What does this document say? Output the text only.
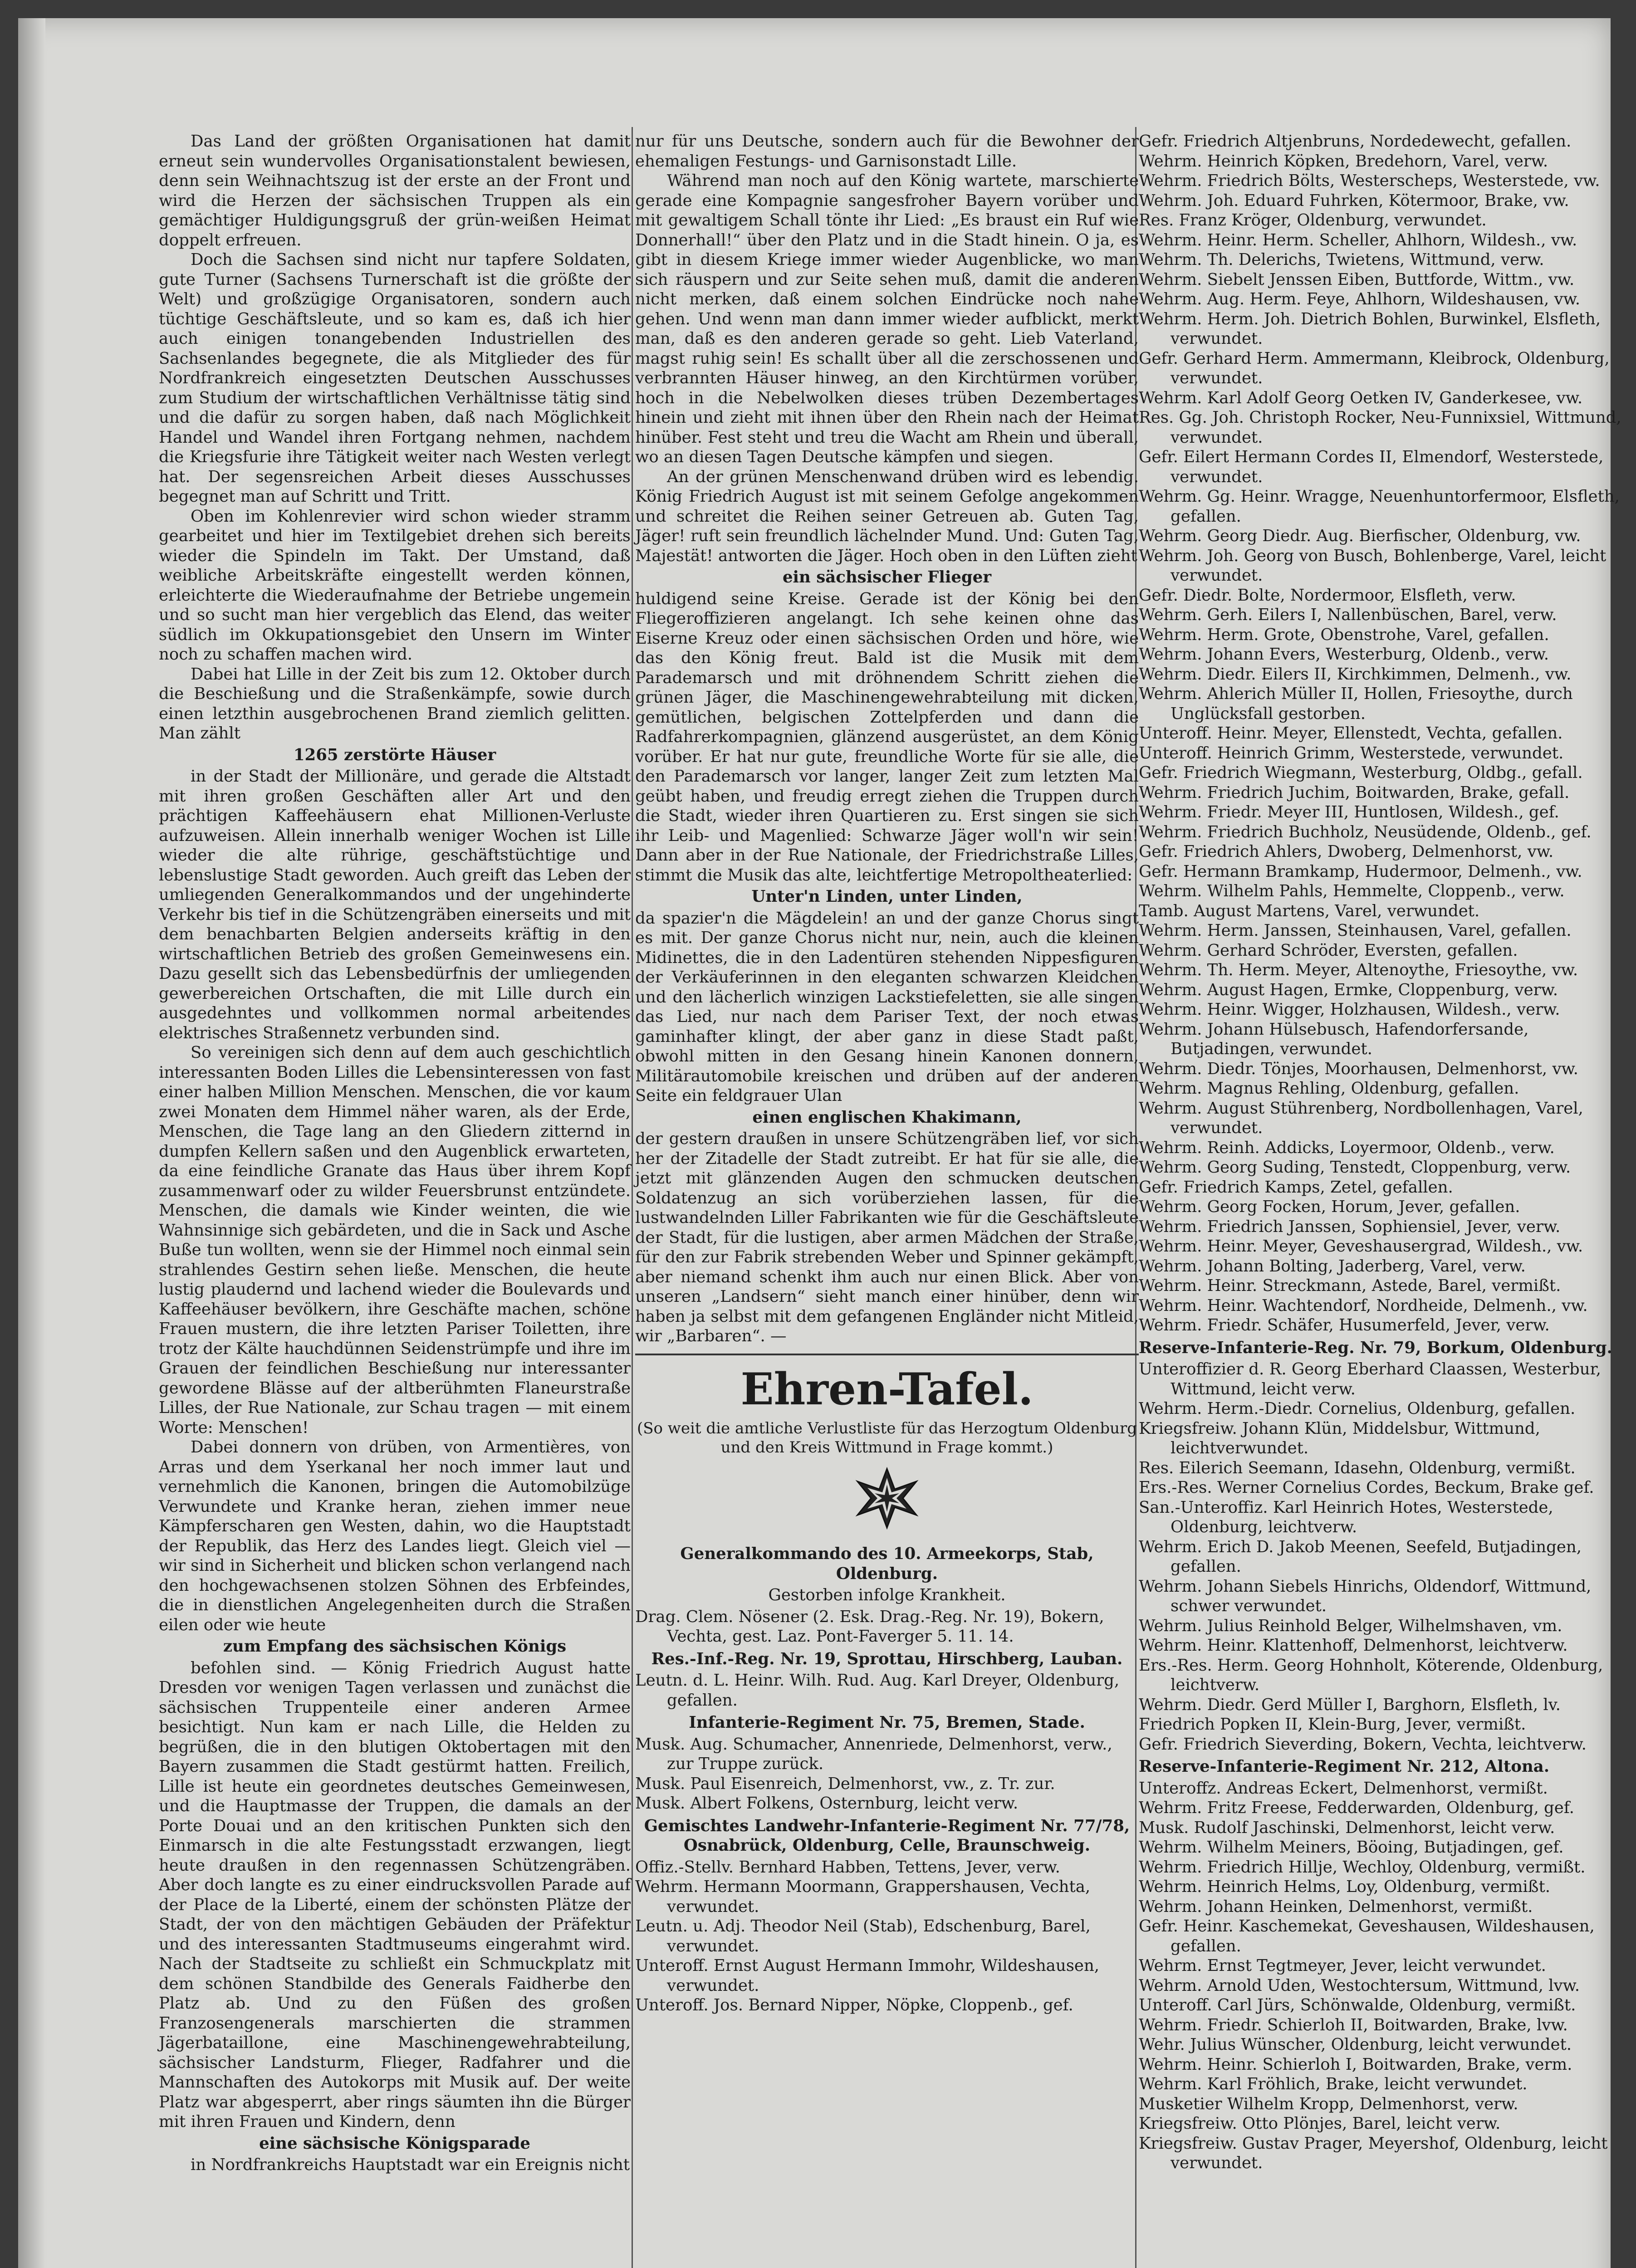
Das Land der größten Organisationen hat damit erneut sein wundervolles Organisationstalent bewiesen, denn sein Weihnachtszug ist der erste an der Front und wird die Herzen der sächsischen Truppen als ein gemächtiger Huldigungsgruß der grün-weißen Heimat doppelt erfreuen.
Doch die Sachsen sind nicht nur tapfere Soldaten, gute Turner (Sachsens Turnerschaft ist die größte der Welt) und großzügige Organisatoren, sondern auch tüchtige Geschäftsleute, und so kam es, daß ich hier auch einigen tonangebenden Industriellen des Sachsenlandes begegnete, die als Mitglieder des für Nordfrankreich eingesetzten Deutschen Ausschusses zum Studium der wirtschaftlichen Verhältnisse tätig sind und die dafür zu sorgen haben, daß nach Möglichkeit Handel und Wandel ihren Fortgang nehmen, nachdem die Kriegsfurie ihre Tätigkeit weiter nach Westen verlegt hat. Der segensreichen Arbeit dieses Ausschusses begegnet man auf Schritt und Tritt.
Oben im Kohlenrevier wird schon wieder stramm gearbeitet und hier im Textilgebiet drehen sich bereits wieder die Spindeln im Takt. Der Umstand, daß weibliche Arbeitskräfte eingestellt werden können, erleichterte die Wiederaufnahme der Betriebe ungemein und so sucht man hier vergeblich das Elend, das weiter südlich im Okkupationsgebiet den Unsern im Winter noch zu schaffen machen wird.
Dabei hat Lille in der Zeit bis zum 12. Oktober durch die Beschießung und die Straßenkämpfe, sowie durch einen letzthin ausgebrochenen Brand ziemlich gelitten. Man zählt
1265 zerstörte Häuser
in der Stadt der Millionäre, und gerade die Altstadt mit ihren großen Geschäften aller Art und den prächtigen Kaffeehäusern ehat Millionen-Verluste aufzuweisen. Allein innerhalb weniger Wochen ist Lille wieder die alte rührige, geschäftstüchtige und lebenslustige Stadt geworden. Auch greift das Leben der umliegenden Generalkommandos und der ungehinderte Verkehr bis tief in die Schützengräben einerseits und mit dem benachbarten Belgien anderseits kräftig in den wirtschaftlichen Betrieb des großen Gemeinwesens ein. Dazu gesellt sich das Lebensbedürfnis der umliegenden gewerbereichen Ortschaften, die mit Lille durch ein ausgedehntes und vollkommen normal arbeitendes elektrisches Straßennetz verbunden sind.
So vereinigen sich denn auf dem auch geschichtlich interessanten Boden Lilles die Lebensinteressen von fast einer halben Million Menschen. Menschen, die vor kaum zwei Monaten dem Himmel näher waren, als der Erde, Menschen, die Tage lang an den Gliedern zitternd in dumpfen Kellern saßen und den Augenblick erwarteten, da eine feindliche Granate das Haus über ihrem Kopf zusammenwarf oder zu wilder Feuersbrunst entzündete. Menschen, die damals wie Kinder weinten, die wie Wahnsinnige sich gebärdeten, und die in Sack und Asche Buße tun wollten, wenn sie der Himmel noch einmal sein strahlendes Gestirn sehen ließe. Menschen, die heute lustig plaudernd und lachend wieder die Boulevards und Kaffeehäuser bevölkern, ihre Geschäfte machen, schöne Frauen mustern, die ihre letzten Pariser Toiletten, ihre trotz der Kälte hauchdünnen Seidenstrümpfe und ihre im Grauen der feindlichen Beschießung nur interessanter gewordene Blässe auf der altberühmten Flaneurstraße Lilles, der Rue Nationale, zur Schau tragen — mit einem Worte: Menschen!
Dabei donnern von drüben, von Armentières, von Arras und dem Yserkanal her noch immer laut und vernehmlich die Kanonen, bringen die Automobilzüge Verwundete und Kranke heran, ziehen immer neue Kämpferscharen gen Westen, dahin, wo die Hauptstadt der Republik, das Herz des Landes liegt. Gleich viel — wir sind in Sicherheit und blicken schon verlangend nach den hochgewachsenen stolzen Söhnen des Erbfeindes, die in dienstlichen Angelegenheiten durch die Straßen eilen oder wie heute
zum Empfang des sächsischen Königs
befohlen sind. — König Friedrich August hatte Dresden vor wenigen Tagen verlassen und zunächst die sächsischen Truppenteile einer anderen Armee besichtigt. Nun kam er nach Lille, die Helden zu begrüßen, die in den blutigen Oktobertagen mit den Bayern zusammen die Stadt gestürmt hatten. Freilich, Lille ist heute ein geordnetes deutsches Gemeinwesen, und die Hauptmasse der Truppen, die damals an der Porte Douai und an den kritischen Punkten sich den Einmarsch in die alte Festungsstadt erzwangen, liegt heute draußen in den regennassen Schützengräben. Aber doch langte es zu einer eindrucksvollen Parade auf der Place de la Liberté, einem der schönsten Plätze der Stadt, der von den mächtigen Gebäuden der Präfektur und des interessanten Stadtmuseums eingerahmt wird. Nach der Stadtseite zu schließt ein Schmuckplatz mit dem schönen Standbilde des Generals Faidherbe den Platz ab. Und zu den Füßen des großen Franzosengenerals marschierten die strammen Jägerbataillone, eine Maschinengewehrabteilung, sächsischer Landsturm, Flieger, Radfahrer und die Mannschaften des Autokorps mit Musik auf. Der weite Platz war abgesperrt, aber rings säumten ihn die Bürger mit ihren Frauen und Kindern, denn
eine sächsische Königsparade
in Nordfrankreichs Hauptstadt war ein Ereignis nicht
nur für uns Deutsche, sondern auch für die Bewohner der ehemaligen Festungs- und Garnisonstadt Lille.
Während man noch auf den König wartete, marschierte gerade eine Kompagnie sangesfroher Bayern vorüber und mit gewaltigem Schall tönte ihr Lied: „Es braust ein Ruf wie Donnerhall!“ über den Platz und in die Stadt hinein. O ja, es gibt in diesem Kriege immer wieder Augenblicke, wo man sich räuspern und zur Seite sehen muß, damit die anderen nicht merken, daß einem solchen Eindrücke noch nahe gehen. Und wenn man dann immer wieder aufblickt, merkt man, daß es den anderen gerade so geht. Lieb Vaterland, magst ruhig sein! Es schallt über all die zerschossenen und verbrannten Häuser hinweg, an den Kirchtürmen vorüber, hoch in die Nebelwolken dieses trüben Dezembertages hinein und zieht mit ihnen über den Rhein nach der Heimat hinüber. Fest steht und treu die Wacht am Rhein und überall, wo an diesen Tagen Deutsche kämpfen und siegen.
An der grünen Menschenwand drüben wird es lebendig. König Friedrich August ist mit seinem Gefolge angekommen und schreitet die Reihen seiner Getreuen ab. Guten Tag, Jäger! ruft sein freundlich lächelnder Mund. Und: Guten Tag, Majestät! antworten die Jäger. Hoch oben in den Lüften zieht
ein sächsischer Flieger
huldigend seine Kreise. Gerade ist der König bei den Fliegeroffizieren angelangt. Ich sehe keinen ohne das Eiserne Kreuz oder einen sächsischen Orden und höre, wie das den König freut. Bald ist die Musik mit dem Parademarsch und mit dröhnendem Schritt ziehen die grünen Jäger, die Maschinengewehrabteilung mit dicken, gemütlichen, belgischen Zottelpferden und dann die Radfahrerkompagnien, glänzend ausgerüstet, an dem König vorüber. Er hat nur gute, freundliche Worte für sie alle, die den Parademarsch vor langer, langer Zeit zum letzten Mal geübt haben, und freudig erregt ziehen die Truppen durch die Stadt, wieder ihren Quartieren zu. Erst singen sie sich ihr Leib- und Magenlied: Schwarze Jäger woll'n wir sein! Dann aber in der Rue Nationale, der Friedrichstraße Lilles, stimmt die Musik das alte, leichtfertige Metropoltheaterlied:
Unter'n Linden, unter Linden,
da spazier'n die Mägdelein! an und der ganze Chorus singt es mit. Der ganze Chorus nicht nur, nein, auch die kleinen Midinettes, die in den Ladentüren stehenden Nippesfiguren der Verkäuferinnen in den eleganten schwarzen Kleidchen und den lächerlich winzigen Lackstiefeletten, sie alle singen das Lied, nur nach dem Pariser Text, der noch etwas gaminhafter klingt, der aber ganz in diese Stadt paßt, obwohl mitten in den Gesang hinein Kanonen donnern, Militärautomobile kreischen und drüben auf der anderen Seite ein feldgrauer Ulan
einen englischen Khakimann,
der gestern draußen in unsere Schützengräben lief, vor sich her der Zitadelle der Stadt zutreibt. Er hat für sie alle, die jetzt mit glänzenden Augen den schmucken deutschen Soldatenzug an sich vorüberziehen lassen, für die lustwandelnden Liller Fabrikanten wie für die Geschäftsleute der Stadt, für die lustigen, aber armen Mädchen der Straße, für den zur Fabrik strebenden Weber und Spinner gekämpft, aber niemand schenkt ihm auch nur einen Blick. Aber von unseren „Landsern“ sieht manch einer hinüber, denn wir haben ja selbst mit dem gefangenen Engländer nicht Mitleid, wir „Barbaren“. —
Ehren-Tafel.
(So weit die amtliche Verlustliste für das Herzogtum Oldenburg und den Kreis Wittmund in Frage kommt.)
Generalkommando des 10. Armeekorps, Stab, Oldenburg.
Gestorben infolge Krankheit.
Drag. Clem. Nösener (2. Esk. Drag.-Reg. Nr. 19), Bokern, Vechta, gest. Laz. Pont-Faverger 5. 11. 14.
Res.-Inf.-Reg. Nr. 19, Sprottau, Hirschberg, Lauban.
Leutn. d. L. Heinr. Wilh. Rud. Aug. Karl Dreyer, Oldenburg, gefallen.
Infanterie-Regiment Nr. 75, Bremen, Stade.
Musk. Aug. Schumacher, Annenriede, Delmenhorst, verw., zur Truppe zurück.
Musk. Paul Eisenreich, Delmenhorst, vw., z. Tr. zur.
Musk. Albert Folkens, Osternburg, leicht verw.
Gemischtes Landwehr-Infanterie-Regiment Nr. 77/78, Osnabrück, Oldenburg, Celle, Braunschweig.
Offiz.-Stellv. Bernhard Habben, Tettens, Jever, verw.
Wehrm. Hermann Moormann, Grappershausen, Vechta, verwundet.
Leutn. u. Adj. Theodor Neil (Stab), Edschenburg, Barel, verwundet.
Unteroff. Ernst August Hermann Immohr, Wildeshausen, verwundet.
Unteroff. Jos. Bernard Nipper, Nöpke, Cloppenb., gef.
Gefr. Friedrich Altjenbruns, Nordedewecht, gefallen.
Wehrm. Heinrich Köpken, Bredehorn, Varel, verw.
Wehrm. Friedrich Bölts, Westerscheps, Westerstede, vw.
Wehrm. Joh. Eduard Fuhrken, Kötermoor, Brake, vw.
Res. Franz Kröger, Oldenburg, verwundet.
Wehrm. Heinr. Herm. Scheller, Ahlhorn, Wildesh., vw.
Wehrm. Th. Delerichs, Twietens, Wittmund, verw.
Wehrm. Siebelt Jenssen Eiben, Buttforde, Wittm., vw.
Wehrm. Aug. Herm. Feye, Ahlhorn, Wildeshausen, vw.
Wehrm. Herm. Joh. Dietrich Bohlen, Burwinkel, Elsfleth, verwundet.
Gefr. Gerhard Herm. Ammermann, Kleibrock, Oldenburg, verwundet.
Wehrm. Karl Adolf Georg Oetken IV, Ganderkesee, vw.
Res. Gg. Joh. Christoph Rocker, Neu-Funnixsiel, Wittmund, verwundet.
Gefr. Eilert Hermann Cordes II, Elmendorf, Westerstede, verwundet.
Wehrm. Gg. Heinr. Wragge, Neuenhuntorfermoor, Elsfleth, gefallen.
Wehrm. Georg Diedr. Aug. Bierfischer, Oldenburg, vw.
Wehrm. Joh. Georg von Busch, Bohlenberge, Varel, leicht verwundet.
Gefr. Diedr. Bolte, Nordermoor, Elsfleth, verw.
Wehrm. Gerh. Eilers I, Nallenbüschen, Barel, verw.
Wehrm. Herm. Grote, Obenstrohe, Varel, gefallen.
Wehrm. Johann Evers, Westerburg, Oldenb., verw.
Wehrm. Diedr. Eilers II, Kirchkimmen, Delmenh., vw.
Wehrm. Ahlerich Müller II, Hollen, Friesoythe, durch Unglücksfall gestorben.
Unteroff. Heinr. Meyer, Ellenstedt, Vechta, gefallen.
Unteroff. Heinrich Grimm, Westerstede, verwundet.
Gefr. Friedrich Wiegmann, Westerburg, Oldbg., gefall.
Wehrm. Friedrich Juchim, Boitwarden, Brake, gefall.
Wehrm. Friedr. Meyer III, Huntlosen, Wildesh., gef.
Wehrm. Friedrich Buchholz, Neusüdende, Oldenb., gef.
Gefr. Friedrich Ahlers, Dwoberg, Delmenhorst, vw.
Gefr. Hermann Bramkamp, Hudermoor, Delmenh., vw.
Wehrm. Wilhelm Pahls, Hemmelte, Cloppenb., verw.
Tamb. August Martens, Varel, verwundet.
Wehrm. Herm. Janssen, Steinhausen, Varel, gefallen.
Wehrm. Gerhard Schröder, Eversten, gefallen.
Wehrm. Th. Herm. Meyer, Altenoythe, Friesoythe, vw.
Wehrm. August Hagen, Ermke, Cloppenburg, verw.
Wehrm. Heinr. Wigger, Holzhausen, Wildesh., verw.
Wehrm. Johann Hülsebusch, Hafendorfersande, Butjadingen, verwundet.
Wehrm. Diedr. Tönjes, Moorhausen, Delmenhorst, vw.
Wehrm. Magnus Rehling, Oldenburg, gefallen.
Wehrm. August Stührenberg, Nordbollenhagen, Varel, verwundet.
Wehrm. Reinh. Addicks, Loyermoor, Oldenb., verw.
Wehrm. Georg Suding, Tenstedt, Cloppenburg, verw.
Gefr. Friedrich Kamps, Zetel, gefallen.
Wehrm. Georg Focken, Horum, Jever, gefallen.
Wehrm. Friedrich Janssen, Sophiensiel, Jever, verw.
Wehrm. Heinr. Meyer, Geveshausergrad, Wildesh., vw.
Wehrm. Johann Bolting, Jaderberg, Varel, verw.
Wehrm. Heinr. Streckmann, Astede, Barel, vermißt.
Wehrm. Heinr. Wachtendorf, Nordheide, Delmenh., vw.
Wehrm. Friedr. Schäfer, Husumerfeld, Jever, verw.
Reserve-Infanterie-Reg. Nr. 79, Borkum, Oldenburg.
Unteroffizier d. R. Georg Eberhard Claassen, Westerbur, Wittmund, leicht verw.
Wehrm. Herm.-Diedr. Cornelius, Oldenburg, gefallen.
Kriegsfreiw. Johann Klün, Middelsbur, Wittmund, leichtverwundet.
Res. Eilerich Seemann, Idasehn, Oldenburg, vermißt.
Ers.-Res. Werner Cornelius Cordes, Beckum, Brake gef.
San.-Unteroffiz. Karl Heinrich Hotes, Westerstede, Oldenburg, leichtverw.
Wehrm. Erich D. Jakob Meenen, Seefeld, Butjadingen, gefallen.
Wehrm. Johann Siebels Hinrichs, Oldendorf, Wittmund, schwer verwundet.
Wehrm. Julius Reinhold Belger, Wilhelmshaven, vm.
Wehrm. Heinr. Klattenhoff, Delmenhorst, leichtverw.
Ers.-Res. Herm. Georg Hohnholt, Köterende, Oldenburg, leichtverw.
Wehrm. Diedr. Gerd Müller I, Barghorn, Elsfleth, lv.
Friedrich Popken II, Klein-Burg, Jever, vermißt.
Gefr. Friedrich Sieverding, Bokern, Vechta, leichtverw.
Reserve-Infanterie-Regiment Nr. 212, Altona.
Unteroffz. Andreas Eckert, Delmenhorst, vermißt.
Wehrm. Fritz Freese, Fedderwarden, Oldenburg, gef.
Musk. Rudolf Jaschinski, Delmenhorst, leicht verw.
Wehrm. Wilhelm Meiners, Böoing, Butjadingen, gef.
Wehrm. Friedrich Hillje, Wechloy, Oldenburg, vermißt.
Wehrm. Heinrich Helms, Loy, Oldenburg, vermißt.
Wehrm. Johann Heinken, Delmenhorst, vermißt.
Gefr. Heinr. Kaschemekat, Geveshausen, Wildeshausen, gefallen.
Wehrm. Ernst Tegtmeyer, Jever, leicht verwundet.
Wehrm. Arnold Uden, Westochtersum, Wittmund, lvw.
Unteroff. Carl Jürs, Schönwalde, Oldenburg, vermißt.
Wehrm. Friedr. Schierloh II, Boitwarden, Brake, lvw.
Wehr. Julius Wünscher, Oldenburg, leicht verwundet.
Wehrm. Heinr. Schierloh I, Boitwarden, Brake, verm.
Wehrm. Karl Fröhlich, Brake, leicht verwundet.
Musketier Wilhelm Kropp, Delmenhorst, verw.
Kriegsfreiw. Otto Plönjes, Barel, leicht verw.
Kriegsfreiw. Gustav Prager, Meyershof, Oldenburg, leicht verwundet.
